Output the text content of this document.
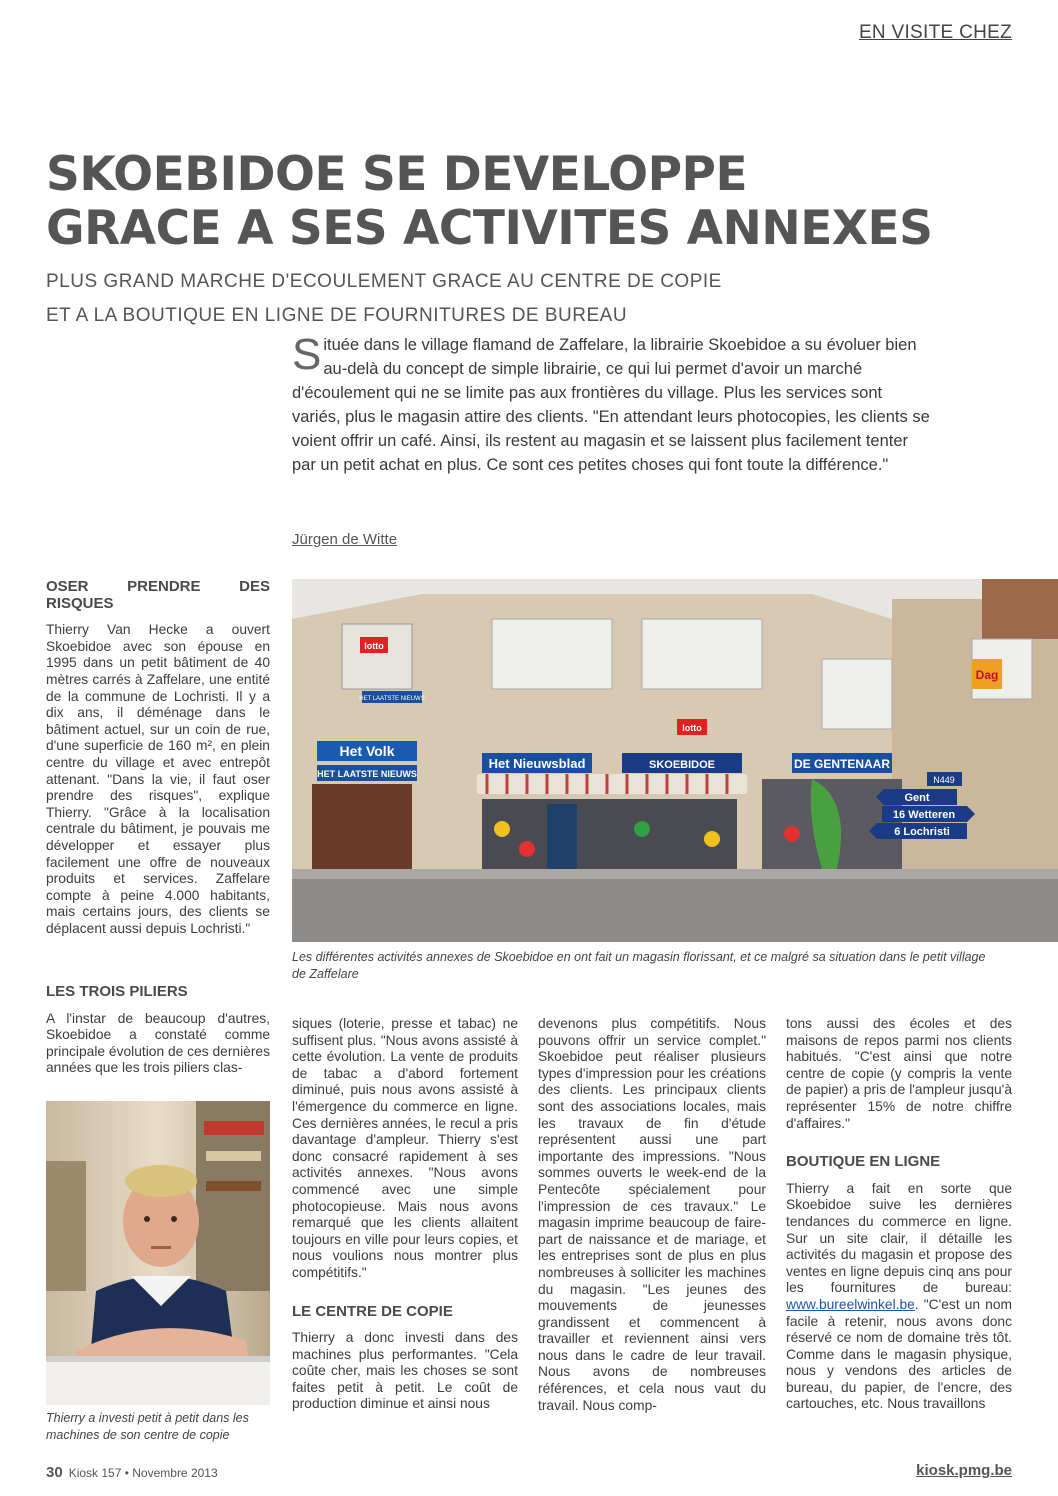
EN VISITE CHEZ
SKOEBIDOE SE DEVELOPPE
GRACE A SES ACTIVITES ANNEXES
PLUS GRAND MARCHE D'ECOULEMENT GRACE AU CENTRE DE COPIE
ET A LA BOUTIQUE EN LIGNE DE FOURNITURES DE BUREAU
Située dans le village flamand de Zaffelare, la librairie Skoebidoe a su évoluer bien au-delà du concept de simple librairie, ce qui lui permet d'avoir un marché d'écoulement qui ne se limite pas aux frontières du village. Plus les services sont variés, plus le magasin attire des clients. "En attendant leurs photocopies, les clients se voient offrir un café. Ainsi, ils restent au magasin et se laissent plus facilement tenter par un petit achat en plus. Ce sont ces petites choses qui font toute la différence."
Jürgen de Witte
OSER PRENDRE DES RISQUES

Thierry Van Hecke a ouvert Skoebidoe avec son épouse en 1995 dans un petit bâtiment de 40 mètres carrés à Zaffelare, une entité de la commune de Lochristi. Il y a dix ans, il déménage dans le bâtiment actuel, sur un coin de rue, d'une superficie de 160 m², en plein centre du village et avec entrepôt attenant. "Dans la vie, il faut oser prendre des risques", explique Thierry. "Grâce à la localisation centrale du bâtiment, je pouvais me développer et essayer plus facilement une offre de nouveaux produits et services. Zaffelare compte à peine 4.000 habitants, mais certains jours, des clients se déplacent aussi depuis Lochristi."

LES TROIS PILIERS

A l'instar de beaucoup d'autres, Skoebidoe a constaté comme principale évolution de ces dernières années que les trois piliers clas-

Thierry a investi petit à petit dans les machines de son centre de copie
lotto
HET LAATSTE NIEUWS
Het Volk
HET LAATSTE NIEUWS
Het Nieuwsblad	SKOEBIDOE
lotto
DE GENTENAAR
Dag
N449
Gent
16 Wetteren
6 Lochristi
Les différentes activités annexes de Skoebidoe en ont fait un magasin florissant, et ce malgré sa situation dans le petit village de Zaffelare

siques (loterie, presse et tabac) ne suffisent plus. "Nous avons assisté à cette évolution. La vente de produits de tabac a d'abord fortement diminué, puis nous avons assisté à l'émergence du commerce en ligne. Ces dernières années, le recul a pris davantage d'ampleur. Thierry s'est donc consacré rapidement à ses activités annexes. "Nous avons commencé avec une simple photocopieuse. Mais nous avons remarqué que les clients allaitent toujours en ville pour leurs copies, et nous voulions nous montrer plus compétitifs."

LE CENTRE DE COPIE

Thierry a donc investi dans des machines plus performantes. "Cela coûte cher, mais les choses se sont faites petit à petit. Le coût de production diminue et ainsi nous

devenons plus compétitifs. Nous pouvons offrir un service complet." Skoebidoe peut réaliser plusieurs types d'impression pour les créations des clients. Les principaux clients sont des associations locales, mais les travaux de fin d'étude représentent aussi une part importante des impressions. "Nous sommes ouverts le week-end de la Pentecôte spécialement pour l'impression de ces travaux." Le magasin imprime beaucoup de faire-part de naissance et de mariage, et les entreprises sont de plus en plus nombreuses à solliciter les machines du magasin. "Les jeunes des mouvements de jeunesses grandissent et commencent à travailler et reviennent ainsi vers nous dans le cadre de leur travail. Nous avons de nombreuses références, et cela nous vaut du travail. Nous comp-

tons aussi des écoles et des maisons de repos parmi nos clients habitués. "C'est ainsi que notre centre de copie (y compris la vente de papier) a pris de l'ampleur jusqu'à représenter 15% de notre chiffre d'affaires."

BOUTIQUE EN LIGNE

Thierry a fait en sorte que Skoebidoe suive les dernières tendances du commerce en ligne. Sur un site clair, il détaille les activités du magasin et propose des ventes en ligne depuis cinq ans pour les fournitures de bureau: www.bureelwinkel.be. "C'est un nom facile à retenir, nous avons donc réservé ce nom de domaine très tôt. Comme dans le magasin physique, nous y vendons des articles de bureau, du papier, de l'encre, des cartouches, etc. Nous travaillons

30 Kiosk 157 • Novembre 2013	kiosk.pmg.be
